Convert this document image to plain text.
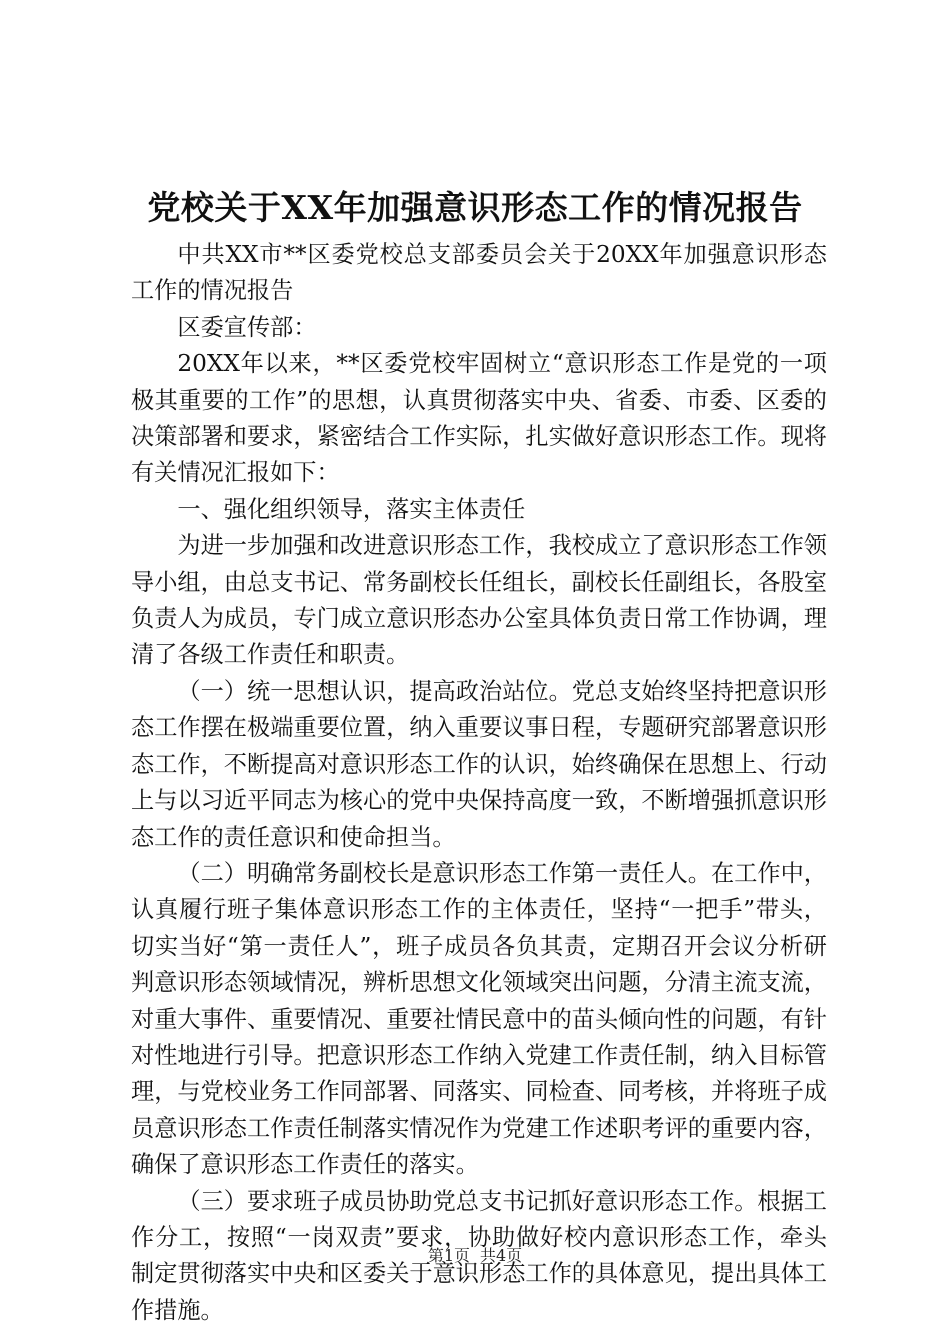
党校关于XX年加强意识形态工作的情况报告

中共XX市**区委党校总支部委员会关于20XX年加强意识形态工作的情况报告

区委宣传部：

20XX年以来，**区委党校牢固树立“意识形态工作是党的一项极其重要的工作”的思想，认真贯彻落实中央、省委、市委、区委的决策部署和要求，紧密结合工作实际，扎实做好意识形态工作。现将有关情况汇报如下：

一、强化组织领导，落实主体责任

为进一步加强和改进意识形态工作，我校成立了意识形态工作领导小组，由总支书记、常务副校长任组长，副校长任副组长，各股室负责人为成员，专门成立意识形态办公室具体负责日常工作协调，理清了各级工作责任和职责。

（一）统一思想认识，提高政治站位。党总支始终坚持把意识形态工作摆在极端重要位置，纳入重要议事日程，专题研究部署意识形态工作，不断提高对意识形态工作的认识，始终确保在思想上、行动上与以习近平同志为核心的党中央保持高度一致，不断增强抓意识形态工作的责任意识和使命担当。

（二）明确常务副校长是意识形态工作第一责任人。在工作中，认真履行班子集体意识形态工作的主体责任，坚持“一把手”带头，切实当好“第一责任人”，班子成员各负其责，定期召开会议分析研判意识形态领域情况，辨析思想文化领域突出问题，分清主流支流，对重大事件、重要情况、重要社情民意中的苗头倾向性的问题，有针对性地进行引导。把意识形态工作纳入党建工作责任制，纳入目标管理，与党校业务工作同部署、同落实、同检查、同考核，并将班子成员意识形态工作责任制落实情况作为党建工作述职考评的重要内容，确保了意识形态工作责任的落实。

（三）要求班子成员协助党总支书记抓好意识形态工作。根据工作分工，按照“一岗双责”要求，协助做好校内意识形态工作，牵头制定贯彻落实中央和区委关于意识形态工作的具体意见，提出具体工作措施。

第1页 共4页
